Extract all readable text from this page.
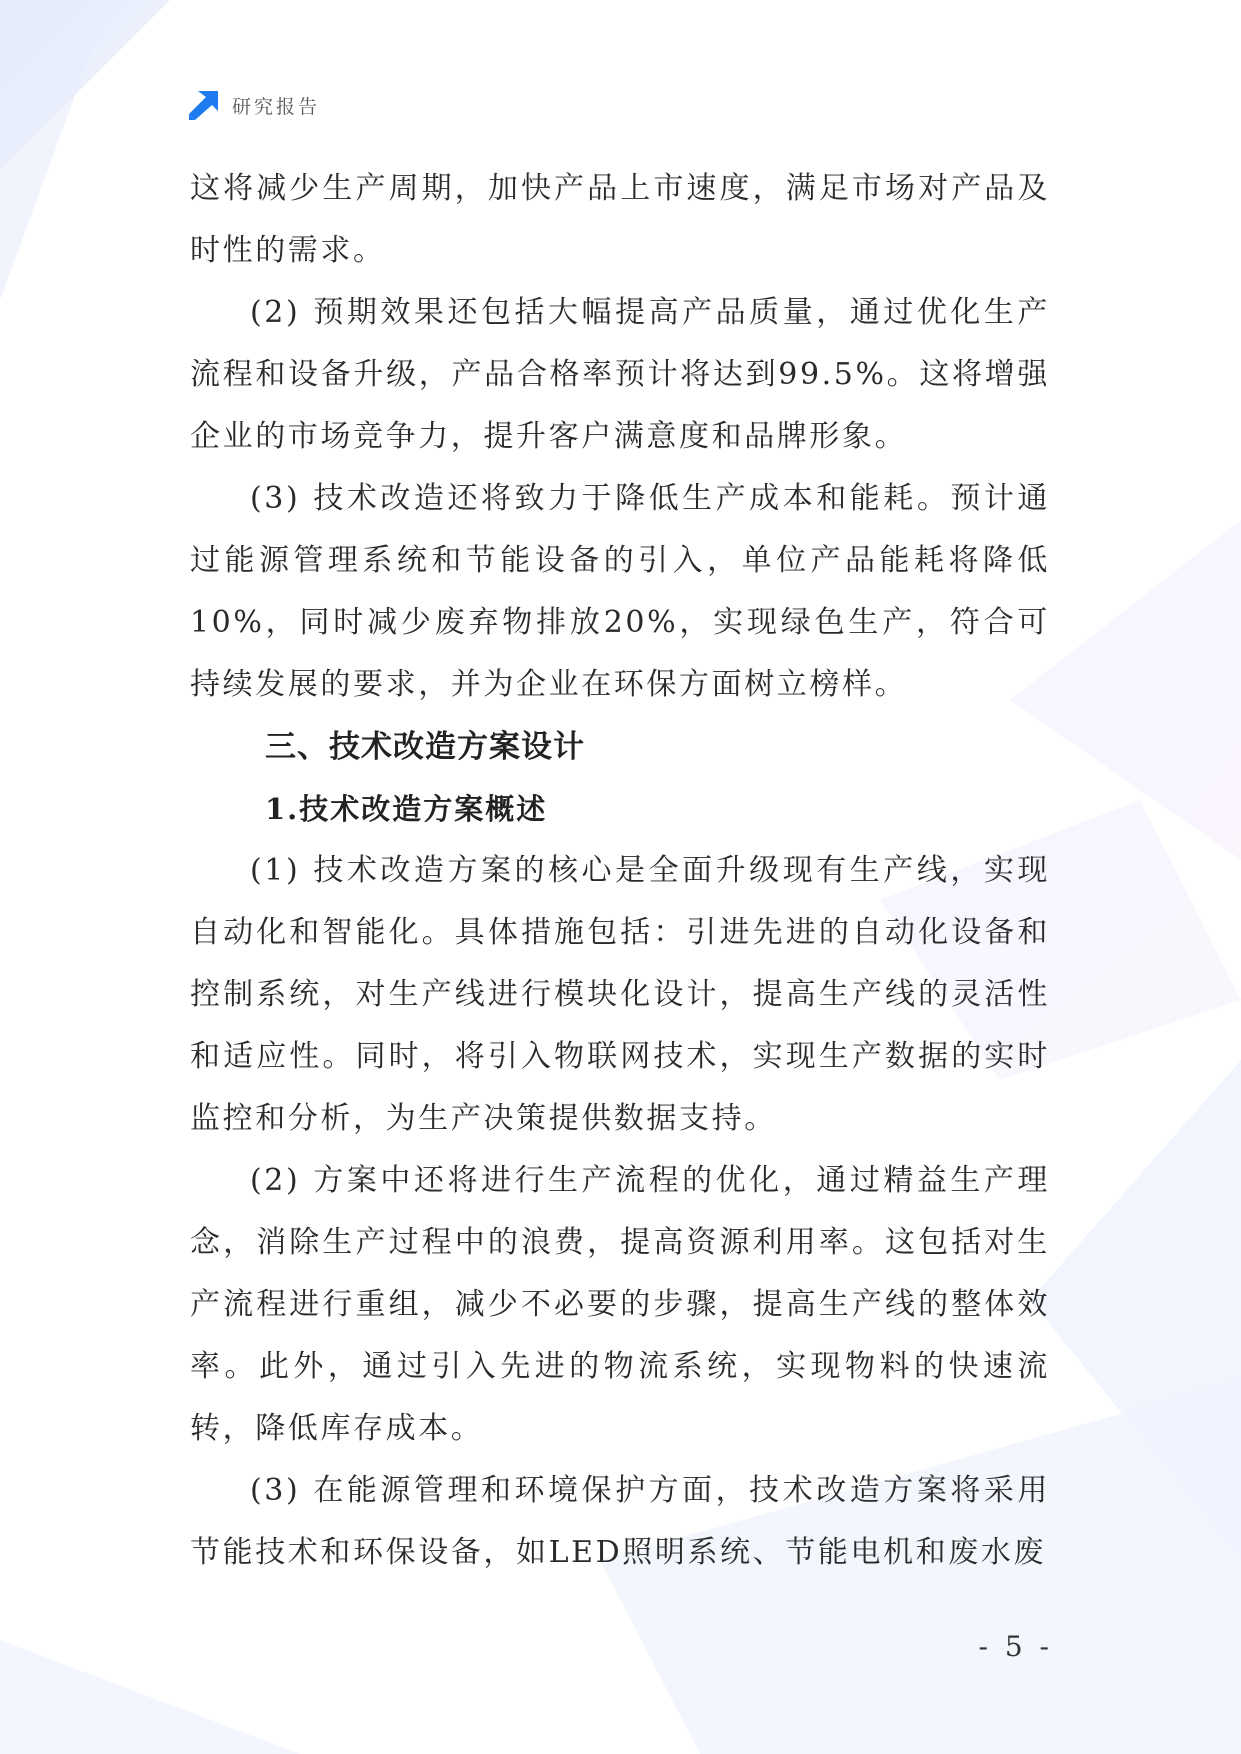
研究报告

这将减少生产周期，加快产品上市速度，满足市场对产品及时性的需求。

(2) 预期效果还包括大幅提高产品质量，通过优化生产流程和设备升级，产品合格率预计将达到99.5%。这将增强企业的市场竞争力，提升客户满意度和品牌形象。

(3) 技术改造还将致力于降低生产成本和能耗。预计通过能源管理系统和节能设备的引入，单位产品能耗将降低10%，同时减少废弃物排放20%，实现绿色生产，符合可持续发展的要求，并为企业在环保方面树立榜样。

三、技术改造方案设计
1.技术改造方案概述

(1) 技术改造方案的核心是全面升级现有生产线，实现自动化和智能化。具体措施包括：引进先进的自动化设备和控制系统，对生产线进行模块化设计，提高生产线的灵活性和适应性。同时，将引入物联网技术，实现生产数据的实时监控和分析，为生产决策提供数据支持。

(2) 方案中还将进行生产流程的优化，通过精益生产理念，消除生产过程中的浪费，提高资源利用率。这包括对生产流程进行重组，减少不必要的步骤，提高生产线的整体效率。此外，通过引入先进的物流系统，实现物料的快速流转，降低库存成本。

(3) 在能源管理和环境保护方面，技术改造方案将采用节能技术和环保设备，如LED照明系统、节能电机和废水废

- 5 -
